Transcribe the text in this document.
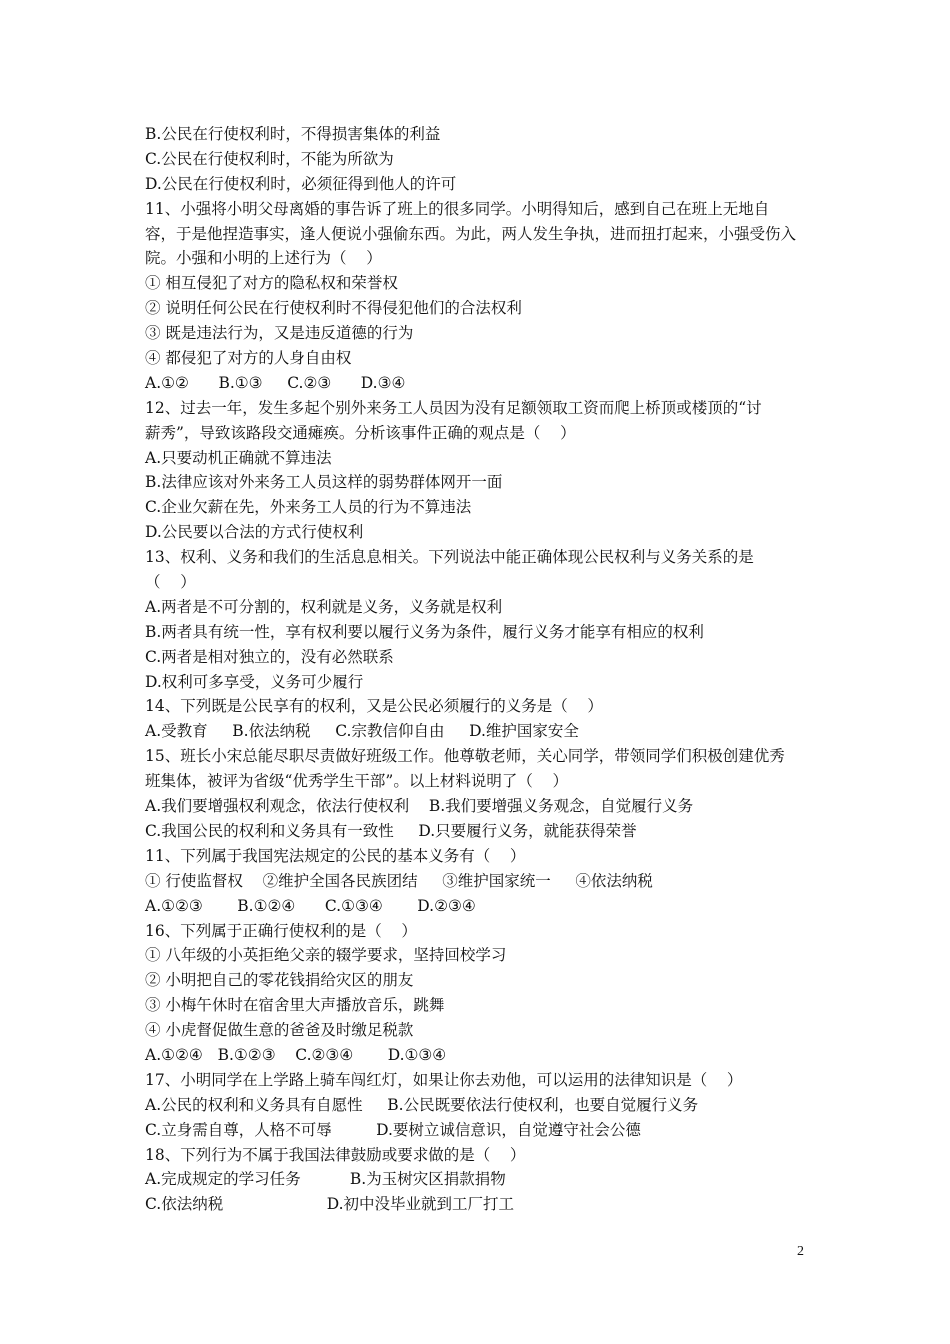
B.公民在行使权利时，不得损害集体的利益
C.公民在行使权利时，不能为所欲为
D.公民在行使权利时，必须征得到他人的许可
11、小强将小明父母离婚的事告诉了班上的很多同学。小明得知后，感到自己在班上无地自
容，于是他捏造事实，逢人便说小强偷东西。为此，两人发生争执，进而扭打起来，小强受伤入
院。小强和小明的上述行为（    ）
① 相互侵犯了对方的隐私权和荣誉权
② 说明任何公民在行使权利时不得侵犯他们的合法权利
③ 既是违法行为，又是违反道德的行为
④ 都侵犯了对方的人身自由权
A.①②      B.①③     C.②③      D.③④
12、过去一年，发生多起个别外来务工人员因为没有足额领取工资而爬上桥顶或楼顶的“讨
薪秀”，导致该路段交通瘫痪。分析该事件正确的观点是（    ）
A.只要动机正确就不算违法
B.法律应该对外来务工人员这样的弱势群体网开一面
C.企业欠薪在先，外来务工人员的行为不算违法
D.公民要以合法的方式行使权利
13、权利、义务和我们的生活息息相关。下列说法中能正确体现公民权利与义务关系的是
（    ）
A.两者是不可分割的，权利就是义务，义务就是权利
B.两者具有统一性，享有权利要以履行义务为条件，履行义务才能享有相应的权利
C.两者是相对独立的，没有必然联系
D.权利可多享受，义务可少履行
14、下列既是公民享有的权利，又是公民必须履行的义务是（    ）
A.受教育     B.依法纳税     C.宗教信仰自由     D.维护国家安全
15、班长小宋总能尽职尽责做好班级工作。他尊敬老师，关心同学，带领同学们积极创建优秀
班集体，被评为省级“优秀学生干部”。以上材料说明了（    ）
A.我们要增强权利观念，依法行使权利    B.我们要增强义务观念，自觉履行义务
C.我国公民的权利和义务具有一致性     D.只要履行义务，就能获得荣誉
11、下列属于我国宪法规定的公民的基本义务有（    ）
① 行使监督权    ②维护全国各民族团结     ③维护国家统一     ④依法纳税
A.①②③       B.①②④      C.①③④       D.②③④
16、下列属于正确行使权利的是（    ）
① 八年级的小英拒绝父亲的辍学要求，坚持回校学习
② 小明把自己的零花钱捐给灾区的朋友
③ 小梅午休时在宿舍里大声播放音乐，跳舞
④ 小虎督促做生意的爸爸及时缴足税款
A.①②④   B.①②③    C.②③④       D.①③④
17、小明同学在上学路上骑车闯红灯，如果让你去劝他，可以运用的法律知识是（    ）
A.公民的权利和义务具有自愿性     B.公民既要依法行使权利，也要自觉履行义务
C.立身需自尊，人格不可辱         D.要树立诚信意识，自觉遵守社会公德
18、下列行为不属于我国法律鼓励或要求做的是（    ）
A.完成规定的学习任务          B.为玉树灾区捐款捐物
C.依法纳税                     D.初中没毕业就到工厂打工
2
